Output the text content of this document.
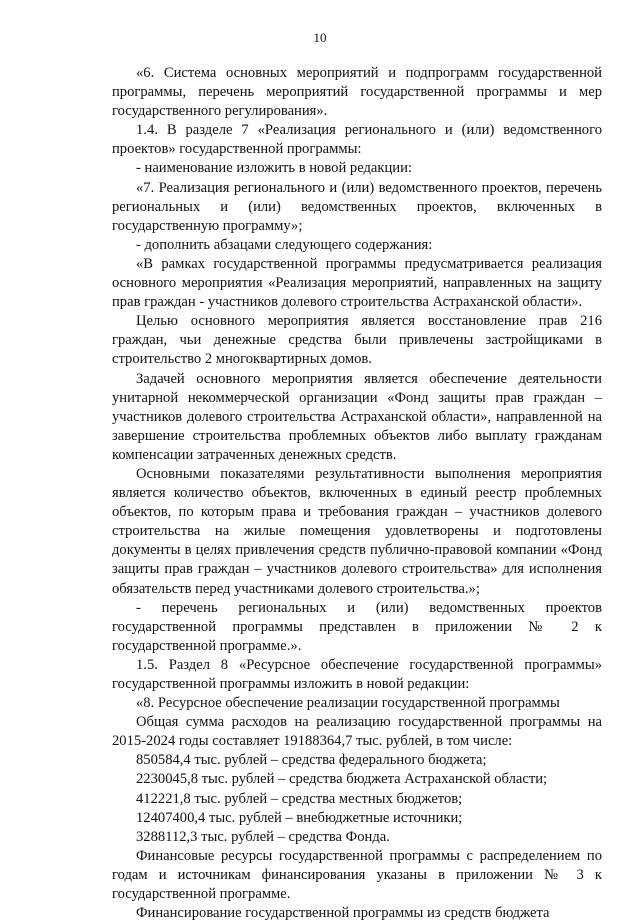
10

«6. Система основных мероприятий и подпрограмм государственной программы, перечень мероприятий государственной программы и мер государственного регулирования».

1.4. В разделе 7 «Реализация регионального и (или) ведомственного проектов» государственной программы:

- наименование изложить в новой редакции:

«7. Реализация регионального и (или) ведомственного проектов, перечень региональных и (или) ведомственных проектов, включенных в государственную программу»;

- дополнить абзацами следующего содержания:

«В рамках государственной программы предусматривается реализация основного мероприятия «Реализация мероприятий, направленных на защиту прав граждан - участников долевого строительства Астраханской области».

Целью основного мероприятия является восстановление прав 216 граждан, чьи денежные средства были привлечены застройщиками в строительство 2 многоквартирных домов.

Задачей основного мероприятия является обеспечение деятельности унитарной некоммерческой организации «Фонд защиты прав граждан – участников долевого строительства Астраханской области», направленной на завершение строительства проблемных объектов либо выплату гражданам компенсации затраченных денежных средств.

Основными показателями результативности выполнения мероприятия является количество объектов, включенных в единый реестр проблемных объектов, по которым права и требования граждан – участников долевого строительства на жилые помещения удовлетворены и подготовлены документы в целях привлечения средств публично-правовой компании «Фонд защиты прав граждан – участников долевого строительства» для исполнения обязательств перед участниками долевого строительства.»;

- перечень региональных и (или) ведомственных проектов государственной программы представлен в приложении № 2 к государственной программе.».

1.5. Раздел 8 «Ресурсное обеспечение государственной программы» государственной программы изложить в новой редакции:

«8. Ресурсное обеспечение реализации государственной программы

Общая сумма расходов на реализацию государственной программы на 2015-2024 годы составляет 19188364,7 тыс. рублей, в том числе:

850584,4 тыс. рублей – средства федерального бюджета;

2230045,8 тыс. рублей – средства бюджета Астраханской области;

412221,8 тыс. рублей – средства местных бюджетов;

12407400,4 тыс. рублей – внебюджетные источники;

3288112,3 тыс. рублей – средства Фонда.

Финансовые ресурсы государственной программы с распределением по годам и источникам финансирования указаны в приложении № 3 к государственной программе.

Финансирование государственной программы из средств бюджета
